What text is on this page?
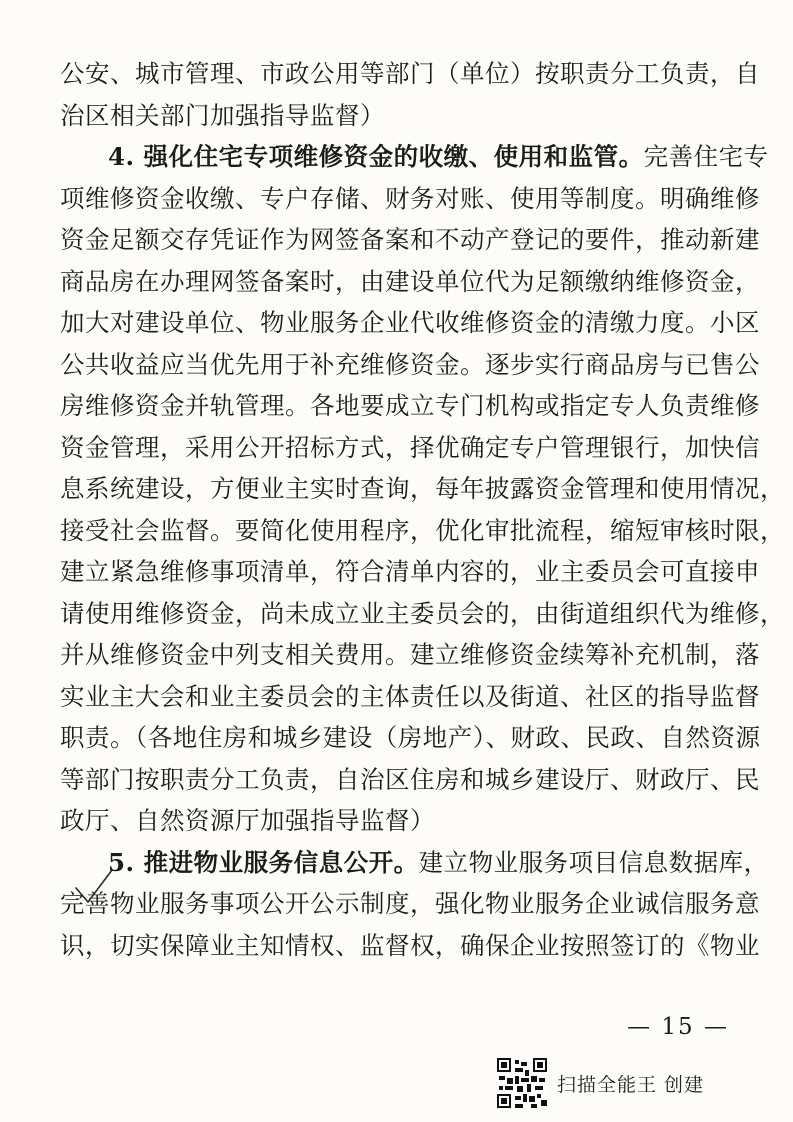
公安、城市管理、市政公用等部门（单位）按职责分工负责，自
治区相关部门加强指导监督）
4. 强化住宅专项维修资金的收缴、使用和监管。完善住宅专
项维修资金收缴、专户存储、财务对账、使用等制度。明确维修
资金足额交存凭证作为网签备案和不动产登记的要件，推动新建
商品房在办理网签备案时，由建设单位代为足额缴纳维修资金，
加大对建设单位、物业服务企业代收维修资金的清缴力度。小区
公共收益应当优先用于补充维修资金。逐步实行商品房与已售公
房维修资金并轨管理。各地要成立专门机构或指定专人负责维修
资金管理，采用公开招标方式，择优确定专户管理银行，加快信
息系统建设，方便业主实时查询，每年披露资金管理和使用情况，
接受社会监督。要简化使用程序，优化审批流程，缩短审核时限，
建立紧急维修事项清单，符合清单内容的，业主委员会可直接申
请使用维修资金，尚未成立业主委员会的，由街道组织代为维修，
并从维修资金中列支相关费用。建立维修资金续筹补充机制，落
实业主大会和业主委员会的主体责任以及街道、社区的指导监督
职责。（各地住房和城乡建设（房地产）、财政、民政、自然资源
等部门按职责分工负责，自治区住房和城乡建设厅、财政厅、民
政厅、自然资源厅加强指导监督）
5. 推进物业服务信息公开。建立物业服务项目信息数据库，
完善物业服务事项公开公示制度，强化物业服务企业诚信服务意
识，切实保障业主知情权、监督权，确保企业按照签订的《物业
— 15 —
扫描全能王 创建
